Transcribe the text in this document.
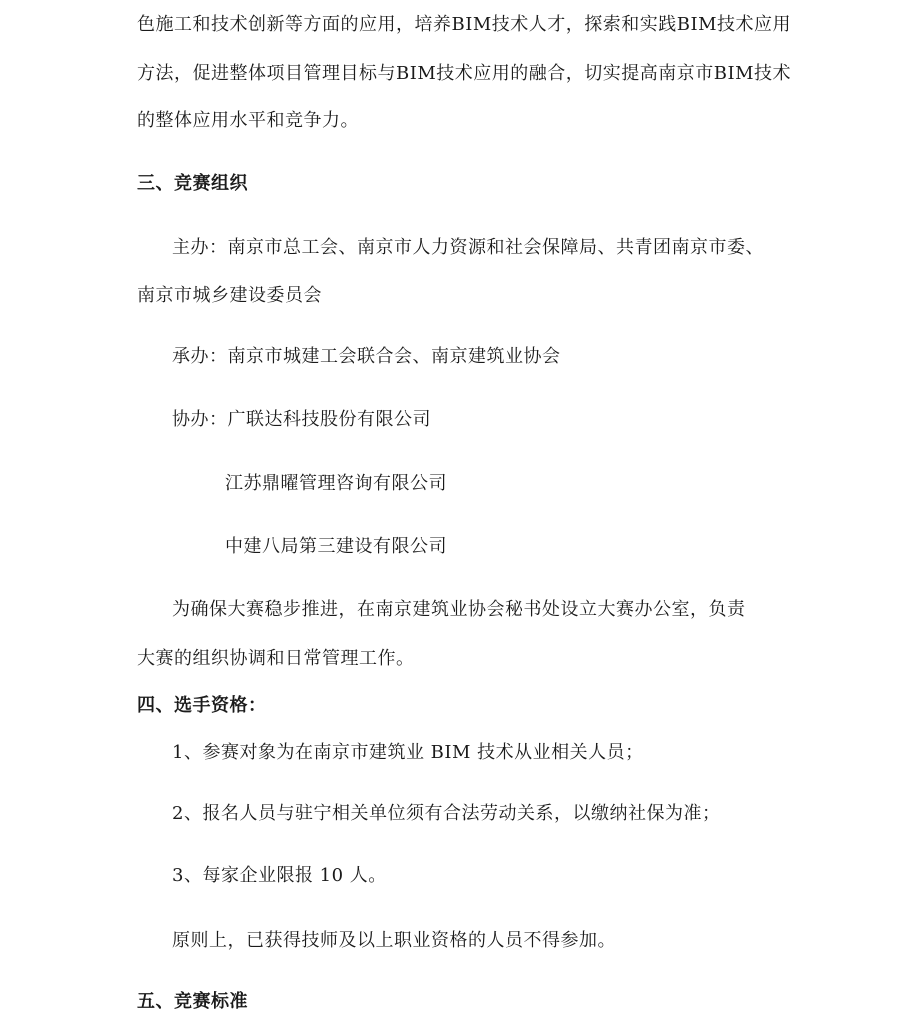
色施工和技术创新等方面的应用，培养BIM技术人才，探索和实践BIM技术应用
方法，促进整体项目管理目标与BIM技术应用的融合，切实提高南京市BIM技术
的整体应用水平和竞争力。
三、竞赛组织
主办：南京市总工会、南京市人力资源和社会保障局、共青团南京市委、
南京市城乡建设委员会
承办：南京市城建工会联合会、南京建筑业协会
协办：广联达科技股份有限公司
江苏鼎曜管理咨询有限公司
中建八局第三建设有限公司
为确保大赛稳步推进，在南京建筑业协会秘书处设立大赛办公室，负责
大赛的组织协调和日常管理工作。
四、选手资格：
1、参赛对象为在南京市建筑业 BIM 技术从业相关人员；
2、报名人员与驻宁相关单位须有合法劳动关系，以缴纳社保为准；
3、每家企业限报 10 人。
原则上，已获得技师及以上职业资格的人员不得参加。
五、竞赛标准
